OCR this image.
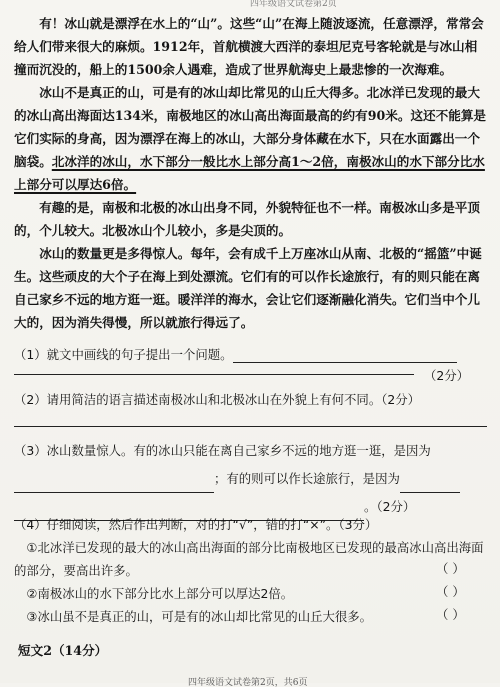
四年级语文试卷第2页

有！冰山就是漂浮在水上的“山”。这些“山”在海上随波逐流，任意漂浮，常常会给人们带来很大的麻烦。1912年，首航横渡大西洋的泰坦尼克号客轮就是与冰山相撞而沉没的，船上的1500余人遇难，造成了世界航海史上最悲惨的一次海难。

冰山不是真正的山，可是有的冰山却比常见的山丘大得多。北冰洋已发现的最大的冰山高出海面达134米，南极地区的冰山高出海面最高的约有90米。这还不能算是它们实际的身高，因为漂浮在海上的冰山，大部分身体藏在水下，只在水面露出一个脑袋。北冰洋的冰山，水下部分一般比水上部分高1～2倍，南极冰山的水下部分比水上部分可以厚达6倍。

有趣的是，南极和北极的冰山出身不同，外貌特征也不一样。南极冰山多是平顶的，个儿较大。北极冰山个儿较小，多是尖顶的。

冰山的数量更是多得惊人。每年，会有成千上万座冰山从南、北极的“摇篮”中诞生。这些顽皮的大个子在海上到处漂流。它们有的可以作长途旅行，有的则只能在离自己家乡不远的地方逛一逛。暖洋洋的海水，会让它们逐渐融化消失。它们当中个儿大的，因为消失得慢，所以就旅行得远了。

（1）就文中画线的句子提出一个问题。
（2分）
（2）请用简洁的语言描述南极冰山和北极冰山在外貌上有何不同。（2分）
（3）冰山数量惊人。有的冰山只能在离自己家乡不远的地方逛一逛，是因为
；有的则可以作长途旅行，是因为
。（2分）
（4）仔细阅读，然后作出判断，对的打“√”，错的打“×”。（3分）
①北冰洋已发现的最大的冰山高出海面的部分比南极地区已发现的最高冰山高出海面的部分，要高出许多。
②南极冰山的水下部分比水上部分可以厚达2倍。
③冰山虽不是真正的山，可是有的冰山却比常见的山丘大很多。
（ ）
（ ）
（ ）
短文2（14分）
四年级语文试卷第2页，共6页
